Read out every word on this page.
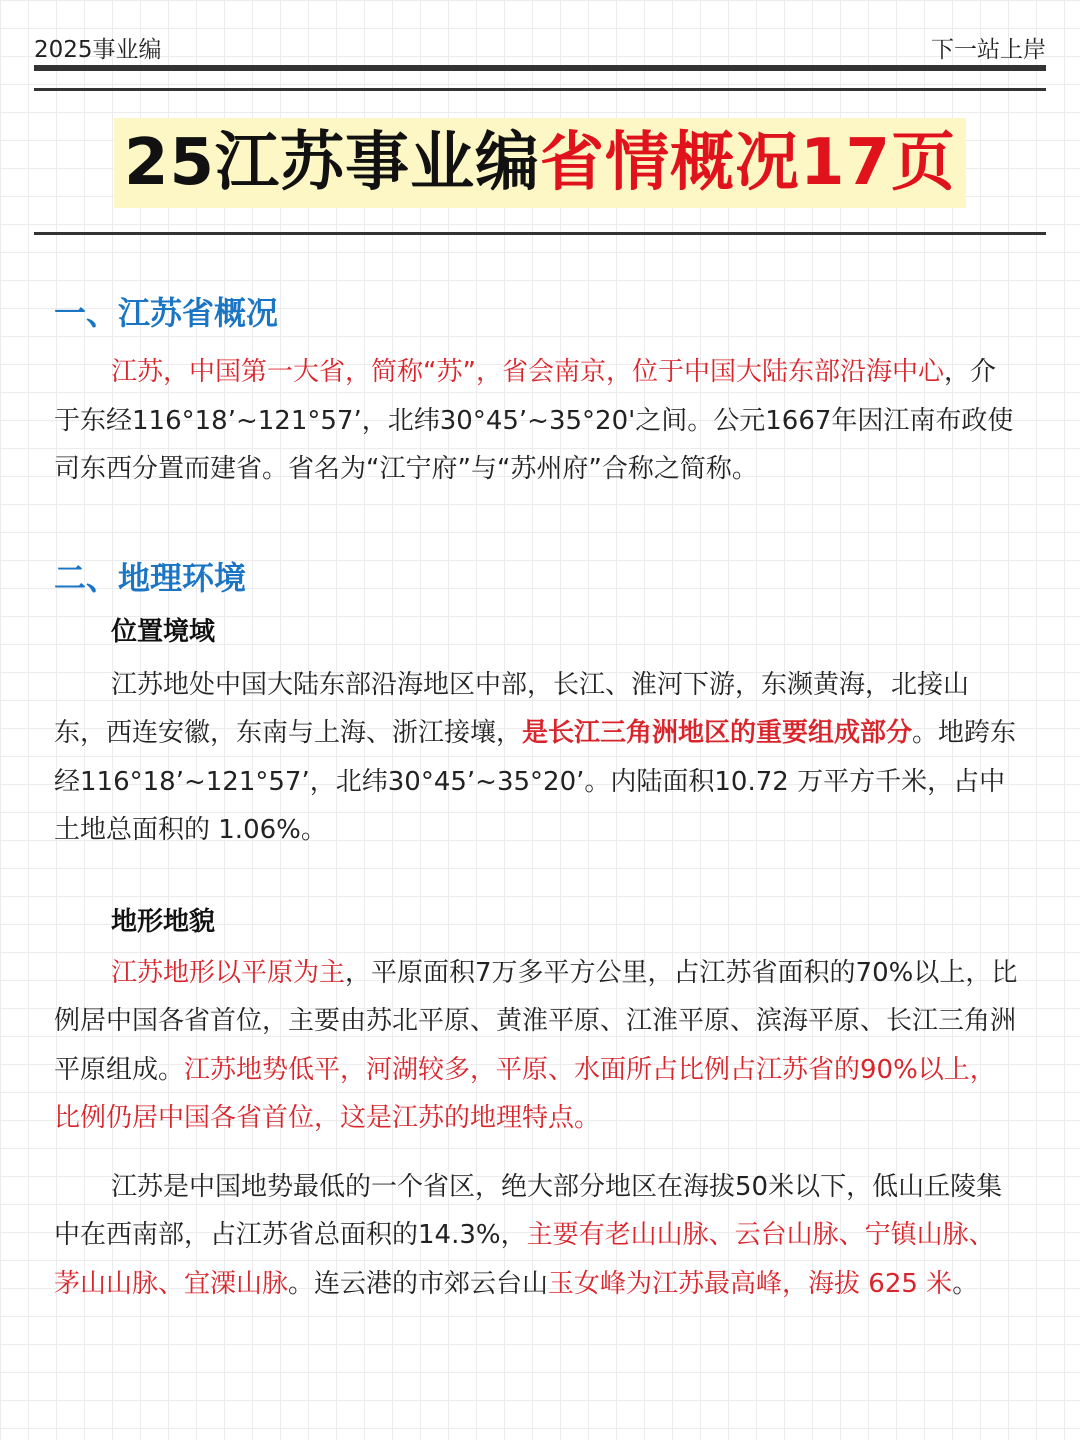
2025事业编	下一站上岸
25江苏事业编省情概况17页
一、江苏省概况

江苏，中国第一大省，简称“苏”，省会南京，位于中国大陆东部沿海中心，介于东经116°18’~121°57’，北纬30°45’~35°20'之间。公元1667年因江南布政使司东西分置而建省。省名为“江宁府”与“苏州府”合称之简称。

二、地理环境
位置境域

江苏地处中国大陆东部沿海地区中部，长江、淮河下游，东濒黄海，北接山东，西连安徽，东南与上海、浙江接壤，是长江三角洲地区的重要组成部分。地跨东经116°18’~121°57’，北纬30°45’~35°20’。内陆面积10.72 万平方千米，占中土地总面积的 1.06%。

地形地貌

江苏地形以平原为主，平原面积7万多平方公里，占江苏省面积的70%以上，比例居中国各省首位，主要由苏北平原、黄淮平原、江淮平原、滨海平原、长江三角洲平原组成。江苏地势低平，河湖较多，平原、水面所占比例占江苏省的90%以上，比例仍居中国各省首位，这是江苏的地理特点。

江苏是中国地势最低的一个省区，绝大部分地区在海拔50米以下，低山丘陵集中在西南部，占江苏省总面积的14.3%，主要有老山山脉、云台山脉、宁镇山脉、茅山山脉、宜溧山脉。连云港的市郊云台山玉女峰为江苏最高峰，海拔 625 米。
